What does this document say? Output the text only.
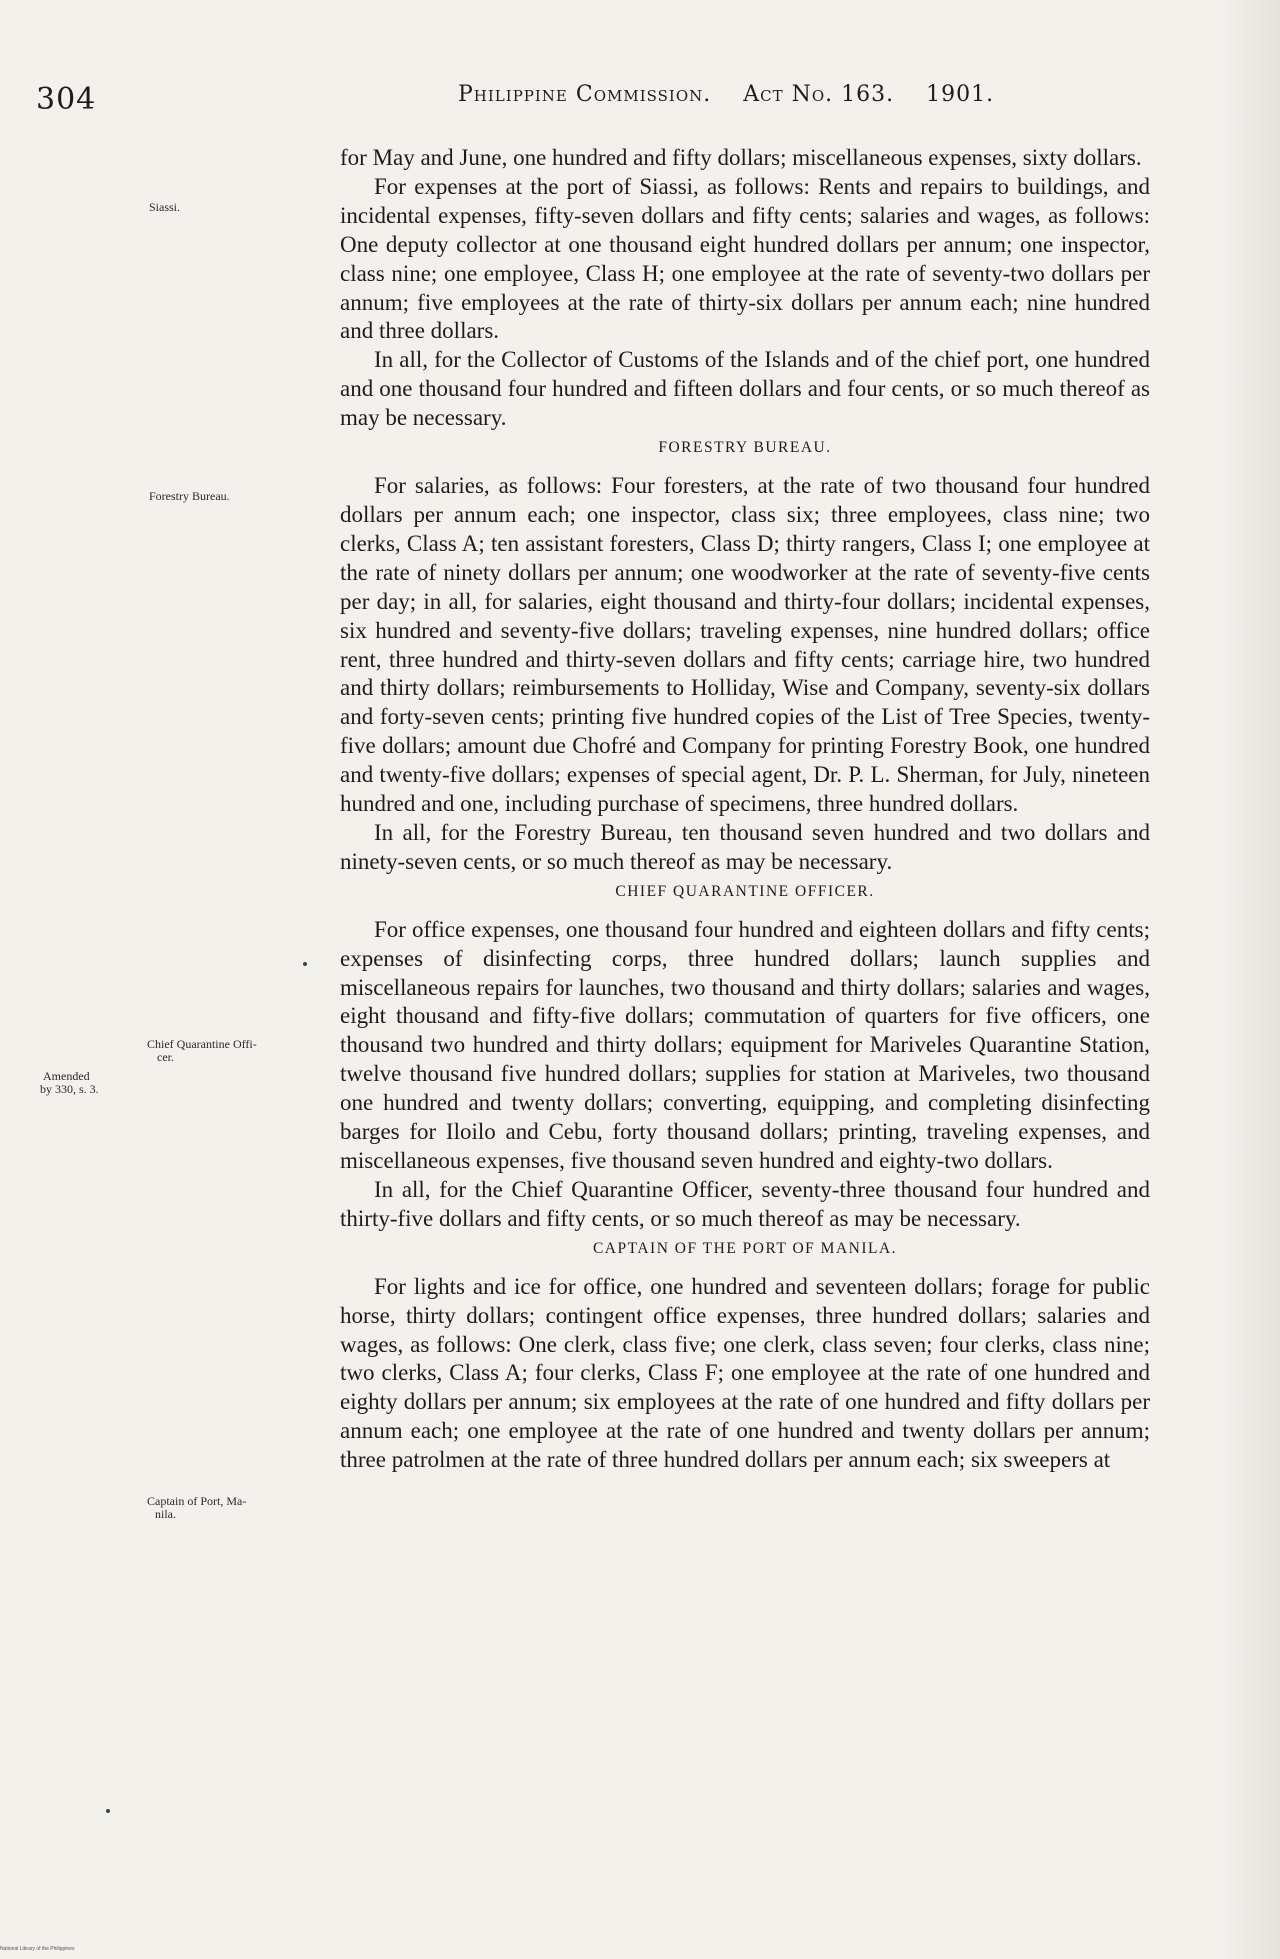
304	Philippine Commission. Act No. 163. 1901.
Siassi.
Forestry Bureau.
Chief Quarantine Offi-
cer.
Amended
by 330, s. 3.
Captain of Port, Ma-
nila.

for May and June, one hundred and fifty dollars; miscellaneous expenses, sixty dollars.

For expenses at the port of Siassi, as follows: Rents and repairs to buildings, and incidental expenses, fifty-seven dollars and fifty cents; salaries and wages, as follows: One deputy collector at one thousand eight hundred dollars per annum; one inspector, class nine; one employee, Class H; one employee at the rate of seventy-two dollars per annum; five employees at the rate of thirty-six dollars per annum each; nine hundred and three dollars.

In all, for the Collector of Customs of the Islands and of the chief port, one hundred and one thousand four hundred and fifteen dollars and four cents, or so much thereof as may be necessary.

FORESTRY BUREAU.

For salaries, as follows: Four foresters, at the rate of two thousand four hundred dollars per annum each; one inspector, class six; three employees, class nine; two clerks, Class A; ten assistant foresters, Class D; thirty rangers, Class I; one employee at the rate of ninety dollars per annum; one woodworker at the rate of seventy-five cents per day; in all, for salaries, eight thousand and thirty-four dollars; incidental expenses, six hundred and seventy-five dollars; traveling expenses, nine hundred dollars; office rent, three hundred and thirty-seven dollars and fifty cents; carriage hire, two hundred and thirty dollars; reimbursements to Holliday, Wise and Company, seventy-six dollars and forty-seven cents; printing five hundred copies of the List of Tree Species, twenty-five dollars; amount due Chofré and Company for printing Forestry Book, one hundred and twenty-five dollars; expenses of special agent, Dr. P. L. Sherman, for July, nineteen hundred and one, including purchase of specimens, three hundred dollars.

In all, for the Forestry Bureau, ten thousand seven hundred and two dollars and ninety-seven cents, or so much thereof as may be necessary.

CHIEF QUARANTINE OFFICER.

For office expenses, one thousand four hundred and eighteen dollars and fifty cents; expenses of disinfecting corps, three hundred dollars; launch supplies and miscellaneous repairs for launches, two thousand and thirty dollars; salaries and wages, eight thousand and fifty-five dollars; commutation of quarters for five officers, one thousand two hundred and thirty dollars; equipment for Mariveles Quarantine Station, twelve thousand five hundred dollars; supplies for station at Mariveles, two thousand one hundred and twenty dollars; converting, equipping, and completing disinfecting barges for Iloilo and Cebu, forty thousand dollars; printing, traveling expenses, and miscellaneous expenses, five thousand seven hundred and eighty-two dollars.

In all, for the Chief Quarantine Officer, seventy-three thousand four hundred and thirty-five dollars and fifty cents, or so much thereof as may be necessary.

CAPTAIN OF THE PORT OF MANILA.

For lights and ice for office, one hundred and seventeen dollars; forage for public horse, thirty dollars; contingent office expenses, three hundred dollars; salaries and wages, as follows: One clerk, class five; one clerk, class seven; four clerks, class nine; two clerks, Class A; four clerks, Class F; one employee at the rate of one hundred and eighty dollars per annum; six employees at the rate of one hundred and fifty dollars per annum each; one employee at the rate of one hundred and twenty dollars per annum; three patrolmen at the rate of three hundred dollars per annum each; six sweepers at

National Library of the Philippines
